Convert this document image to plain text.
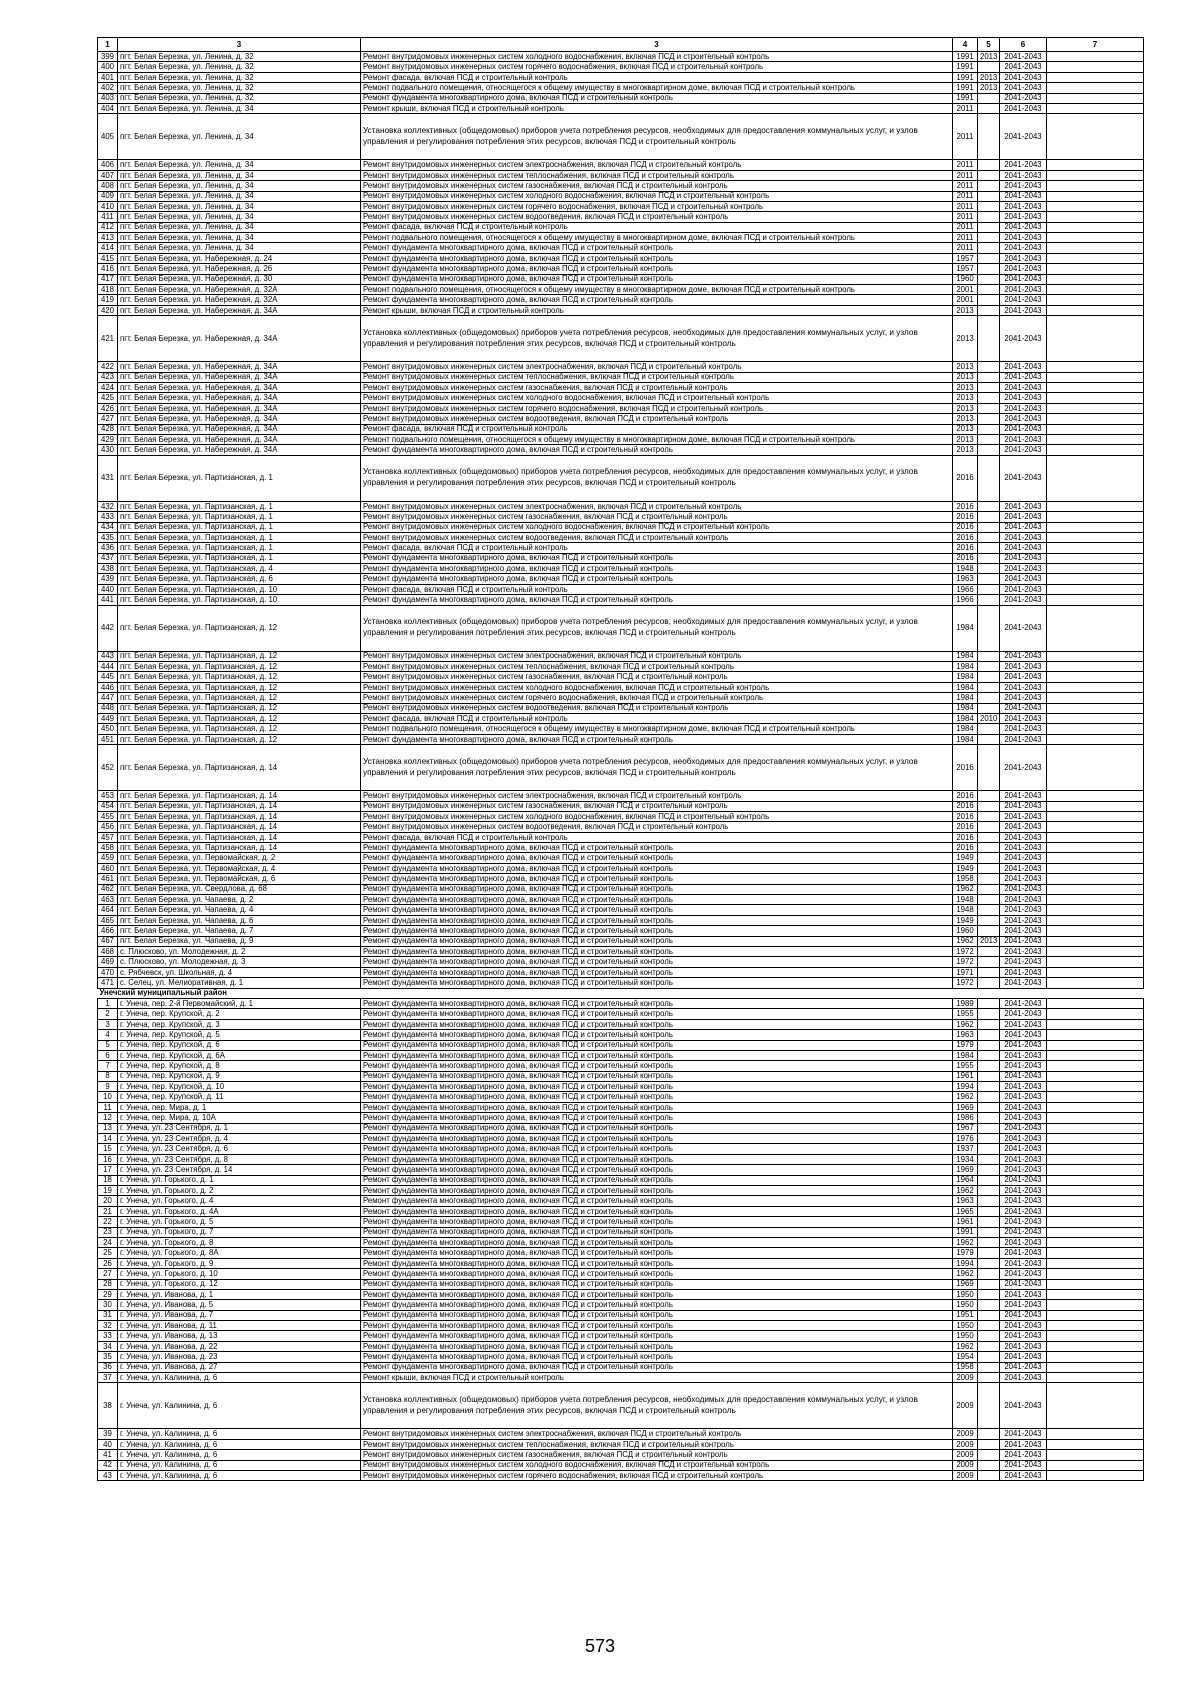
1	3	3	4	5	6	7
399	пгт. Белая Березка, ул. Ленина, д. 32	Ремонт внутридомовых инженерных систем холодного водоснабжения, включая ПСД и строительный контроль	1991	2013	2041-2043	
400	пгт. Белая Березка, ул. Ленина, д. 32	Ремонт внутридомовых инженерных систем горячего водоснабжения, включая ПСД и строительный контроль	1991		2041-2043	
401	пгт. Белая Березка, ул. Ленина, д. 32	Ремонт фасада, включая ПСД и строительный контроль	1991	2013	2041-2043	
402	пгт. Белая Березка, ул. Ленина, д. 32	Ремонт подвального помещения, относящегося к общему имуществу в многоквартирном доме, включая ПСД и строительный контроль	1991	2013	2041-2043	
403	пгт. Белая Березка, ул. Ленина, д. 32	Ремонт фундамента многоквартирного дома, включая ПСД и строительный контроль	1991		2041-2043	
404	пгт. Белая Березка, ул. Ленина, д. 34	Ремонт крыши, включая ПСД и строительный контроль	2011		2041-2043	
405	пгт. Белая Березка, ул. Ленина, д. 34	Установка коллективных (общедомовых) приборов учета потребления ресурсов, необходимых для предоставления коммунальных услуг, и узлов управления и регулирования потребления этих ресурсов, включая ПСД и строительный контроль	2011		2041-2043	
406	пгт. Белая Березка, ул. Ленина, д. 34	Ремонт внутридомовых инженерных систем электроснабжения, включая ПСД и строительный контроль	2011		2041-2043	
407	пгт. Белая Березка, ул. Ленина, д. 34	Ремонт внутридомовых инженерных систем теплоснабжения, включая ПСД и строительный контроль	2011		2041-2043	
408	пгт. Белая Березка, ул. Ленина, д. 34	Ремонт внутридомовых инженерных систем газоснабжения, включая ПСД и строительный контроль	2011		2041-2043	
409	пгт. Белая Березка, ул. Ленина, д. 34	Ремонт внутридомовых инженерных систем холодного водоснабжения, включая ПСД и строительный контроль	2011		2041-2043	
410	пгт. Белая Березка, ул. Ленина, д. 34	Ремонт внутридомовых инженерных систем горячего водоснабжения, включая ПСД и строительный контроль	2011		2041-2043	
411	пгт. Белая Березка, ул. Ленина, д. 34	Ремонт внутридомовых инженерных систем водоотведения, включая ПСД и строительный контроль	2011		2041-2043	
412	пгт. Белая Березка, ул. Ленина, д. 34	Ремонт фасада, включая ПСД и строительный контроль	2011		2041-2043	
413	пгт. Белая Березка, ул. Ленина, д. 34	Ремонт подвального помещения, относящегося к общему имуществу в многоквартирном доме, включая ПСД и строительный контроль	2011		2041-2043	
414	пгт. Белая Березка, ул. Ленина, д. 34	Ремонт фундамента многоквартирного дома, включая ПСД и строительный контроль	2011		2041-2043	
415	пгт. Белая Березка, ул. Набережная, д. 24	Ремонт фундамента многоквартирного дома, включая ПСД и строительный контроль	1957		2041-2043	
416	пгт. Белая Березка, ул. Набережная, д. 26	Ремонт фундамента многоквартирного дома, включая ПСД и строительный контроль	1957		2041-2043	
417	пгт. Белая Березка, ул. Набережная, д. 30	Ремонт фундамента многоквартирного дома, включая ПСД и строительный контроль	1960		2041-2043	
418	пгт. Белая Березка, ул. Набережная, д. 32А	Ремонт подвального помещения, относящегося к общему имуществу в многоквартирном доме, включая ПСД и строительный контроль	2001		2041-2043	
419	пгт. Белая Березка, ул. Набережная, д. 32А	Ремонт фундамента многоквартирного дома, включая ПСД и строительный контроль	2001		2041-2043	
420	пгт. Белая Березка, ул. Набережная, д. 34А	Ремонт крыши, включая ПСД и строительный контроль	2013		2041-2043	
421	пгт. Белая Березка, ул. Набережная, д. 34А	Установка коллективных (общедомовых) приборов учета потребления ресурсов, необходимых для предоставления коммунальных услуг, и узлов управления и регулирования потребления этих ресурсов, включая ПСД и строительный контроль	2013		2041-2043	
422	пгт. Белая Березка, ул. Набережная, д. 34А	Ремонт внутридомовых инженерных систем электроснабжения, включая ПСД и строительный контроль	2013		2041-2043	
423	пгт. Белая Березка, ул. Набережная, д. 34А	Ремонт внутридомовых инженерных систем теплоснабжения, включая ПСД и строительный контроль	2013		2041-2043	
424	пгт. Белая Березка, ул. Набережная, д. 34А	Ремонт внутридомовых инженерных систем газоснабжения, включая ПСД и строительный контроль	2013		2041-2043	
425	пгт. Белая Березка, ул. Набережная, д. 34А	Ремонт внутридомовых инженерных систем холодного водоснабжения, включая ПСД и строительный контроль	2013		2041-2043	
426	пгт. Белая Березка, ул. Набережная, д. 34А	Ремонт внутридомовых инженерных систем горячего водоснабжения, включая ПСД и строительный контроль	2013		2041-2043	
427	пгт. Белая Березка, ул. Набережная, д. 34А	Ремонт внутридомовых инженерных систем водоотведения, включая ПСД и строительный контроль	2013		2041-2043	
428	пгт. Белая Березка, ул. Набережная, д. 34А	Ремонт фасада, включая ПСД и строительный контроль	2013		2041-2043	
429	пгт. Белая Березка, ул. Набережная, д. 34А	Ремонт подвального помещения, относящегося к общему имуществу в многоквартирном доме, включая ПСД и строительный контроль	2013		2041-2043	
430	пгт. Белая Березка, ул. Набережная, д. 34А	Ремонт фундамента многоквартирного дома, включая ПСД и строительный контроль	2013		2041-2043	
431	пгт. Белая Березка, ул. Партизанская, д. 1	Установка коллективных (общедомовых) приборов учета потребления ресурсов, необходимых для предоставления коммунальных услуг, и узлов управления и регулирования потребления этих ресурсов, включая ПСД и строительный контроль	2016		2041-2043	
432	пгт. Белая Березка, ул. Партизанская, д. 1	Ремонт внутридомовых инженерных систем электроснабжения, включая ПСД и строительный контроль	2016		2041-2043	
433	пгт. Белая Березка, ул. Партизанская, д. 1	Ремонт внутридомовых инженерных систем газоснабжения, включая ПСД и строительный контроль	2016		2041-2043	
434	пгт. Белая Березка, ул. Партизанская, д. 1	Ремонт внутридомовых инженерных систем холодного водоснабжения, включая ПСД и строительный контроль	2016		2041-2043	
435	пгт. Белая Березка, ул. Партизанская, д. 1	Ремонт внутридомовых инженерных систем водоотведения, включая ПСД и строительный контроль	2016		2041-2043	
436	пгт. Белая Березка, ул. Партизанская, д. 1	Ремонт фасада, включая ПСД и строительный контроль	2016		2041-2043	
437	пгт. Белая Березка, ул. Партизанская, д. 1	Ремонт фундамента многоквартирного дома, включая ПСД и строительный контроль	2016		2041-2043	
438	пгт. Белая Березка, ул. Партизанская, д. 4	Ремонт фундамента многоквартирного дома, включая ПСД и строительный контроль	1948		2041-2043	
439	пгт. Белая Березка, ул. Партизанская, д. 6	Ремонт фундамента многоквартирного дома, включая ПСД и строительный контроль	1963		2041-2043	
440	пгт. Белая Березка, ул. Партизанская, д. 10	Ремонт фасада, включая ПСД и строительный контроль	1966		2041-2043	
441	пгт. Белая Березка, ул. Партизанская, д. 10	Ремонт фундамента многоквартирного дома, включая ПСД и строительный контроль	1966		2041-2043	
442	пгт. Белая Березка, ул. Партизанская, д. 12	Установка коллективных (общедомовых) приборов учета потребления ресурсов, необходимых для предоставления коммунальных услуг, и узлов управления и регулирования потребления этих ресурсов, включая ПСД и строительный контроль	1984		2041-2043	
443	пгт. Белая Березка, ул. Партизанская, д. 12	Ремонт внутридомовых инженерных систем электроснабжения, включая ПСД и строительный контроль	1984		2041-2043	
444	пгт. Белая Березка, ул. Партизанская, д. 12	Ремонт внутридомовых инженерных систем теплоснабжения, включая ПСД и строительный контроль	1984		2041-2043	
445	пгт. Белая Березка, ул. Партизанская, д. 12	Ремонт внутридомовых инженерных систем газоснабжения, включая ПСД и строительный контроль	1984		2041-2043	
446	пгт. Белая Березка, ул. Партизанская, д. 12	Ремонт внутридомовых инженерных систем холодного водоснабжения, включая ПСД и строительный контроль	1984		2041-2043	
447	пгт. Белая Березка, ул. Партизанская, д. 12	Ремонт внутридомовых инженерных систем горячего водоснабжения, включая ПСД и строительный контроль	1984		2041-2043	
448	пгт. Белая Березка, ул. Партизанская, д. 12	Ремонт внутридомовых инженерных систем водоотведения, включая ПСД и строительный контроль	1984		2041-2043	
449	пгт. Белая Березка, ул. Партизанская, д. 12	Ремонт фасада, включая ПСД и строительный контроль	1984	2010	2041-2043	
450	пгт. Белая Березка, ул. Партизанская, д. 12	Ремонт подвального помещения, относящегося к общему имуществу в многоквартирном доме, включая ПСД и строительный контроль	1984		2041-2043	
451	пгт. Белая Березка, ул. Партизанская, д. 12	Ремонт фундамента многоквартирного дома, включая ПСД и строительный контроль	1984		2041-2043	
452	пгт. Белая Березка, ул. Партизанская, д. 14	Установка коллективных (общедомовых) приборов учета потребления ресурсов, необходимых для предоставления коммунальных услуг, и узлов управления и регулирования потребления этих ресурсов, включая ПСД и строительный контроль	2016		2041-2043	
453	пгт. Белая Березка, ул. Партизанская, д. 14	Ремонт внутридомовых инженерных систем электроснабжения, включая ПСД и строительный контроль	2016		2041-2043	
454	пгт. Белая Березка, ул. Партизанская, д. 14	Ремонт внутридомовых инженерных систем газоснабжения, включая ПСД и строительный контроль	2016		2041-2043	
455	пгт. Белая Березка, ул. Партизанская, д. 14	Ремонт внутридомовых инженерных систем холодного водоснабжения, включая ПСД и строительный контроль	2016		2041-2043	
456	пгт. Белая Березка, ул. Партизанская, д. 14	Ремонт внутридомовых инженерных систем водоотведения, включая ПСД и строительный контроль	2016		2041-2043	
457	пгт. Белая Березка, ул. Партизанская, д. 14	Ремонт фасада, включая ПСД и строительный контроль	2016		2041-2043	
458	пгт. Белая Березка, ул. Партизанская, д. 14	Ремонт фундамента многоквартирного дома, включая ПСД и строительный контроль	2016		2041-2043	
459	пгт. Белая Березка, ул. Первомайская, д. 2	Ремонт фундамента многоквартирного дома, включая ПСД и строительный контроль	1949		2041-2043	
460	пгт. Белая Березка, ул. Первомайская, д. 4	Ремонт фундамента многоквартирного дома, включая ПСД и строительный контроль	1949		2041-2043	
461	пгт. Белая Березка, ул. Первомайская, д. 6	Ремонт фундамента многоквартирного дома, включая ПСД и строительный контроль	1958		2041-2043	
462	пгт. Белая Березка, ул. Свердлова, д. 68	Ремонт фундамента многоквартирного дома, включая ПСД и строительный контроль	1962		2041-2043	
463	пгт. Белая Березка, ул. Чапаева, д. 2	Ремонт фундамента многоквартирного дома, включая ПСД и строительный контроль	1948		2041-2043	
464	пгт. Белая Березка, ул. Чапаева, д. 4	Ремонт фундамента многоквартирного дома, включая ПСД и строительный контроль	1948		2041-2043	
465	пгт. Белая Березка, ул. Чапаева, д. 6	Ремонт фундамента многоквартирного дома, включая ПСД и строительный контроль	1949		2041-2043	
466	пгт. Белая Березка, ул. Чапаева, д. 7	Ремонт фундамента многоквартирного дома, включая ПСД и строительный контроль	1960		2041-2043	
467	пгт. Белая Березка, ул. Чапаева, д. 9	Ремонт фундамента многоквартирного дома, включая ПСД и строительный контроль	1962	2013	2041-2043	
468	с. Плюсково, ул. Молодежная, д. 2	Ремонт фундамента многоквартирного дома, включая ПСД и строительный контроль	1972		2041-2043	
469	с. Плюсково, ул. Молодежная, д. 3	Ремонт фундамента многоквартирного дома, включая ПСД и строительный контроль	1972		2041-2043	
470	с. Рябчевск, ул. Школьная, д. 4	Ремонт фундамента многоквартирного дома, включая ПСД и строительный контроль	1971		2041-2043	
471	с. Селец, ул. Мелиоративная, д. 1	Ремонт фундамента многоквартирного дома, включая ПСД и строительный контроль	1972		2041-2043	
Унечский муниципальный район						
1	г. Унеча, пер. 2-й Первомайский, д. 1	Ремонт фундамента многоквартирного дома, включая ПСД и строительный контроль	1989		2041-2043	
2	г. Унеча, пер. Крупской, д. 2	Ремонт фундамента многоквартирного дома, включая ПСД и строительный контроль	1955		2041-2043	
3	г. Унеча, пер. Крупской, д. 3	Ремонт фундамента многоквартирного дома, включая ПСД и строительный контроль	1962		2041-2043	
4	г. Унеча, пер. Крупской, д. 5	Ремонт фундамента многоквартирного дома, включая ПСД и строительный контроль	1963		2041-2043	
5	г. Унеча, пер. Крупской, д. 6	Ремонт фундамента многоквартирного дома, включая ПСД и строительный контроль	1979		2041-2043	
6	г. Унеча, пер. Крупской, д. 6А	Ремонт фундамента многоквартирного дома, включая ПСД и строительный контроль	1984		2041-2043	
7	г. Унеча, пер. Крупской, д. 8	Ремонт фундамента многоквартирного дома, включая ПСД и строительный контроль	1955		2041-2043	
8	г. Унеча, пер. Крупской, д. 9	Ремонт фундамента многоквартирного дома, включая ПСД и строительный контроль	1961		2041-2043	
9	г. Унеча, пер. Крупской, д. 10	Ремонт фундамента многоквартирного дома, включая ПСД и строительный контроль	1994		2041-2043	
10	г. Унеча, пер. Крупской, д. 11	Ремонт фундамента многоквартирного дома, включая ПСД и строительный контроль	1962		2041-2043	
11	г. Унеча, пер. Мира, д. 1	Ремонт фундамента многоквартирного дома, включая ПСД и строительный контроль	1969		2041-2043	
12	г. Унеча, пер. Мира, д. 10А	Ремонт фундамента многоквартирного дома, включая ПСД и строительный контроль	1986		2041-2043	
13	г. Унеча, ул. 23 Сентября, д. 1	Ремонт фундамента многоквартирного дома, включая ПСД и строительный контроль	1967		2041-2043	
14	г. Унеча, ул. 23 Сентября, д. 4	Ремонт фундамента многоквартирного дома, включая ПСД и строительный контроль	1976		2041-2043	
15	г. Унеча, ул. 23 Сентября, д. 6	Ремонт фундамента многоквартирного дома, включая ПСД и строительный контроль	1937		2041-2043	
16	г. Унеча, ул. 23 Сентября, д. 8	Ремонт фундамента многоквартирного дома, включая ПСД и строительный контроль	1934		2041-2043	
17	г. Унеча, ул. 23 Сентября, д. 14	Ремонт фундамента многоквартирного дома, включая ПСД и строительный контроль	1969		2041-2043	
18	г. Унеча, ул. Горького, д. 1	Ремонт фундамента многоквартирного дома, включая ПСД и строительный контроль	1964		2041-2043	
19	г. Унеча, ул. Горького, д. 2	Ремонт фундамента многоквартирного дома, включая ПСД и строительный контроль	1962		2041-2043	
20	г. Унеча, ул. Горького, д. 4	Ремонт фундамента многоквартирного дома, включая ПСД и строительный контроль	1963		2041-2043	
21	г. Унеча, ул. Горького, д. 4А	Ремонт фундамента многоквартирного дома, включая ПСД и строительный контроль	1965		2041-2043	
22	г. Унеча, ул. Горького, д. 5	Ремонт фундамента многоквартирного дома, включая ПСД и строительный контроль	1961		2041-2043	
23	г. Унеча, ул. Горького, д. 7	Ремонт фундамента многоквартирного дома, включая ПСД и строительный контроль	1991		2041-2043	
24	г. Унеча, ул. Горького, д. 8	Ремонт фундамента многоквартирного дома, включая ПСД и строительный контроль	1962		2041-2043	
25	г. Унеча, ул. Горького, д. 8А	Ремонт фундамента многоквартирного дома, включая ПСД и строительный контроль	1979		2041-2043	
26	г. Унеча, ул. Горького, д. 9	Ремонт фундамента многоквартирного дома, включая ПСД и строительный контроль	1994		2041-2043	
27	г. Унеча, ул. Горького, д. 10	Ремонт фундамента многоквартирного дома, включая ПСД и строительный контроль	1962		2041-2043	
28	г. Унеча, ул. Горького, д. 12	Ремонт фундамента многоквартирного дома, включая ПСД и строительный контроль	1969		2041-2043	
29	г. Унеча, ул. Иванова, д. 1	Ремонт фундамента многоквартирного дома, включая ПСД и строительный контроль	1950		2041-2043	
30	г. Унеча, ул. Иванова, д. 5	Ремонт фундамента многоквартирного дома, включая ПСД и строительный контроль	1950		2041-2043	
31	г. Унеча, ул. Иванова, д. 7	Ремонт фундамента многоквартирного дома, включая ПСД и строительный контроль	1951		2041-2043	
32	г. Унеча, ул. Иванова, д. 11	Ремонт фундамента многоквартирного дома, включая ПСД и строительный контроль	1950		2041-2043	
33	г. Унеча, ул. Иванова, д. 13	Ремонт фундамента многоквартирного дома, включая ПСД и строительный контроль	1950		2041-2043	
34	г. Унеча, ул. Иванова, д. 22	Ремонт фундамента многоквартирного дома, включая ПСД и строительный контроль	1962		2041-2043	
35	г. Унеча, ул. Иванова, д. 23	Ремонт фундамента многоквартирного дома, включая ПСД и строительный контроль	1954		2041-2043	
36	г. Унеча, ул. Иванова, д. 27	Ремонт фундамента многоквартирного дома, включая ПСД и строительный контроль	1958		2041-2043	
37	г. Унеча, ул. Калинина, д. 6	Ремонт крыши, включая ПСД и строительный контроль	2009		2041-2043	
38	г. Унеча, ул. Калинина, д. 6	Установка коллективных (общедомовых) приборов учета потребления ресурсов, необходимых для предоставления коммунальных услуг, и узлов управления и регулирования потребления этих ресурсов, включая ПСД и строительный контроль	2009		2041-2043	
39	г. Унеча, ул. Калинина, д. 6	Ремонт внутридомовых инженерных систем электроснабжения, включая ПСД и строительный контроль	2009		2041-2043	
40	г. Унеча, ул. Калинина, д. 6	Ремонт внутридомовых инженерных систем теплоснабжения, включая ПСД и строительный контроль	2009		2041-2043	
41	г. Унеча, ул. Калинина, д. 6	Ремонт внутридомовых инженерных систем газоснабжения, включая ПСД и строительный контроль	2009		2041-2043	
42	г. Унеча, ул. Калинина, д. 6	Ремонт внутридомовых инженерных систем холодного водоснабжения, включая ПСД и строительный контроль	2009		2041-2043	
43	г. Унеча, ул. Калинина, д. 6	Ремонт внутридомовых инженерных систем горячего водоснабжения, включая ПСД и строительный контроль	2009		2041-2043	
573
